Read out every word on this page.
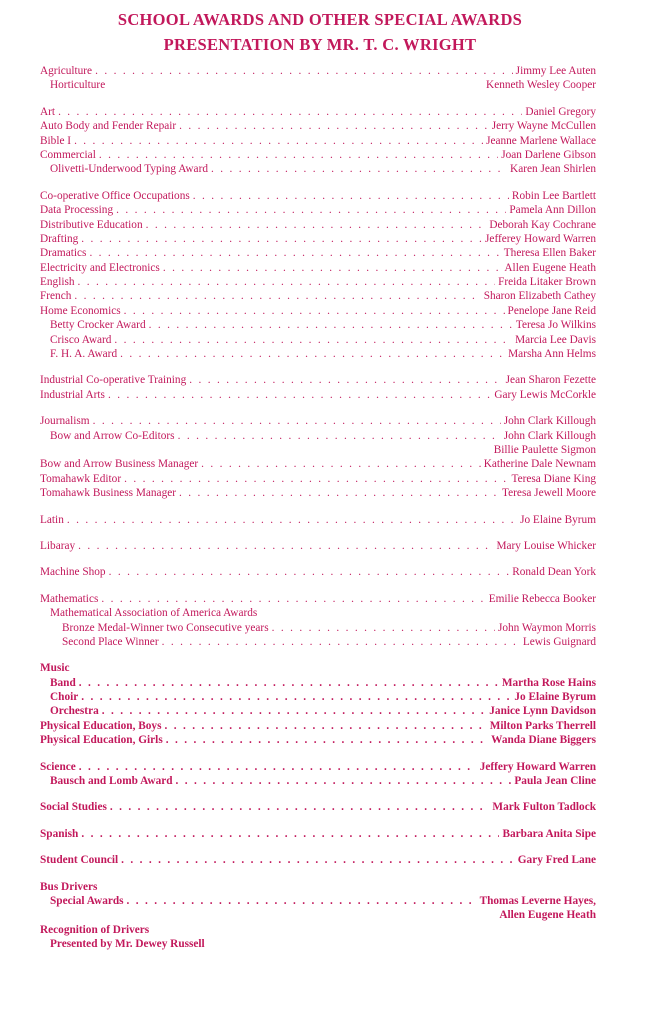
SCHOOL AWARDS AND OTHER SPECIAL AWARDS
PRESENTATION BY MR. T. C. WRIGHT
Agriculture . . .	Jimmy Lee Auten
Horticulture	Kenneth Wesley Cooper
Art . . .	Daniel Gregory
Auto Body and Fender Repair . . .	Jerry Wayne McCullen
Bible I . . .	Jeanne Marlene Wallace
Commercial . . .	Joan Darlene Gibson
Olivetti-Underwood Typing Award . . .	Karen Jean Shirlen
Co-operative Office Occupations . . .	Robin Lee Bartlett
Data Processing . . .	Pamela Ann Dillon
Distributive Education . . .	Deborah Kay Cochrane
Drafting . . .	Jefferey Howard Warren
Dramatics . . .	Theresa Ellen Baker
Electricity and Electronics . . .	Allen Eugene Heath
English . . .	Freida Litaker Brown
French . . .	Sharon Elizabeth Cathey
Home Economics . . .	Penelope Jane Reid
Betty Crocker Award . . .	Teresa Jo Wilkins
Crisco Award . . .	Marcia Lee Davis
F. H. A. Award . . .	Marsha Ann Helms
Industrial Co-operative Training . . .	Jean Sharon Fezette
Industrial Arts . . .	Gary Lewis McCorkle
Journalism . . .	John Clark Killough
Bow and Arrow Co-Editors . . .	John Clark Killough
Billie Paulette Sigmon
Bow and Arrow Business Manager . . .	Katherine Dale Newnam
Tomahawk Editor . . .	Teresa Diane King
Tomahawk Business Manager . . .	Teresa Jewell Moore
Latin . . .	Jo Elaine Byrum
Libaray . . .	Mary Louise Whicker
Machine Shop . . .	Ronald Dean York
Mathematics . . .	Emilie Rebecca Booker
Mathematical Association of America Awards
Bronze Medal-Winner two Consecutive years . . .	John Waymon Morris
Second Place Winner . . .	Lewis Guignard
Music
Band . . .	Martha Rose Hains
Choir . . .	Jo Elaine Byrum
Orchestra . . .	Janice Lynn Davidson
Physical Education, Boys . . .	Milton Parks Therrell
Physical Education, Girls . . .	Wanda Diane Biggers
Science . . .	Jeffery Howard Warren
Bausch and Lomb Award . . .	Paula Jean Cline
Social Studies . . .	Mark Fulton Tadlock
Spanish . . .	Barbara Anita Sipe
Student Council . . .	Gary Fred Lane
Bus Drivers
Special Awards . . .	Thomas Leverne Hayes,
Allen Eugene Heath
Recognition of Drivers
Presented by Mr. Dewey Russell
